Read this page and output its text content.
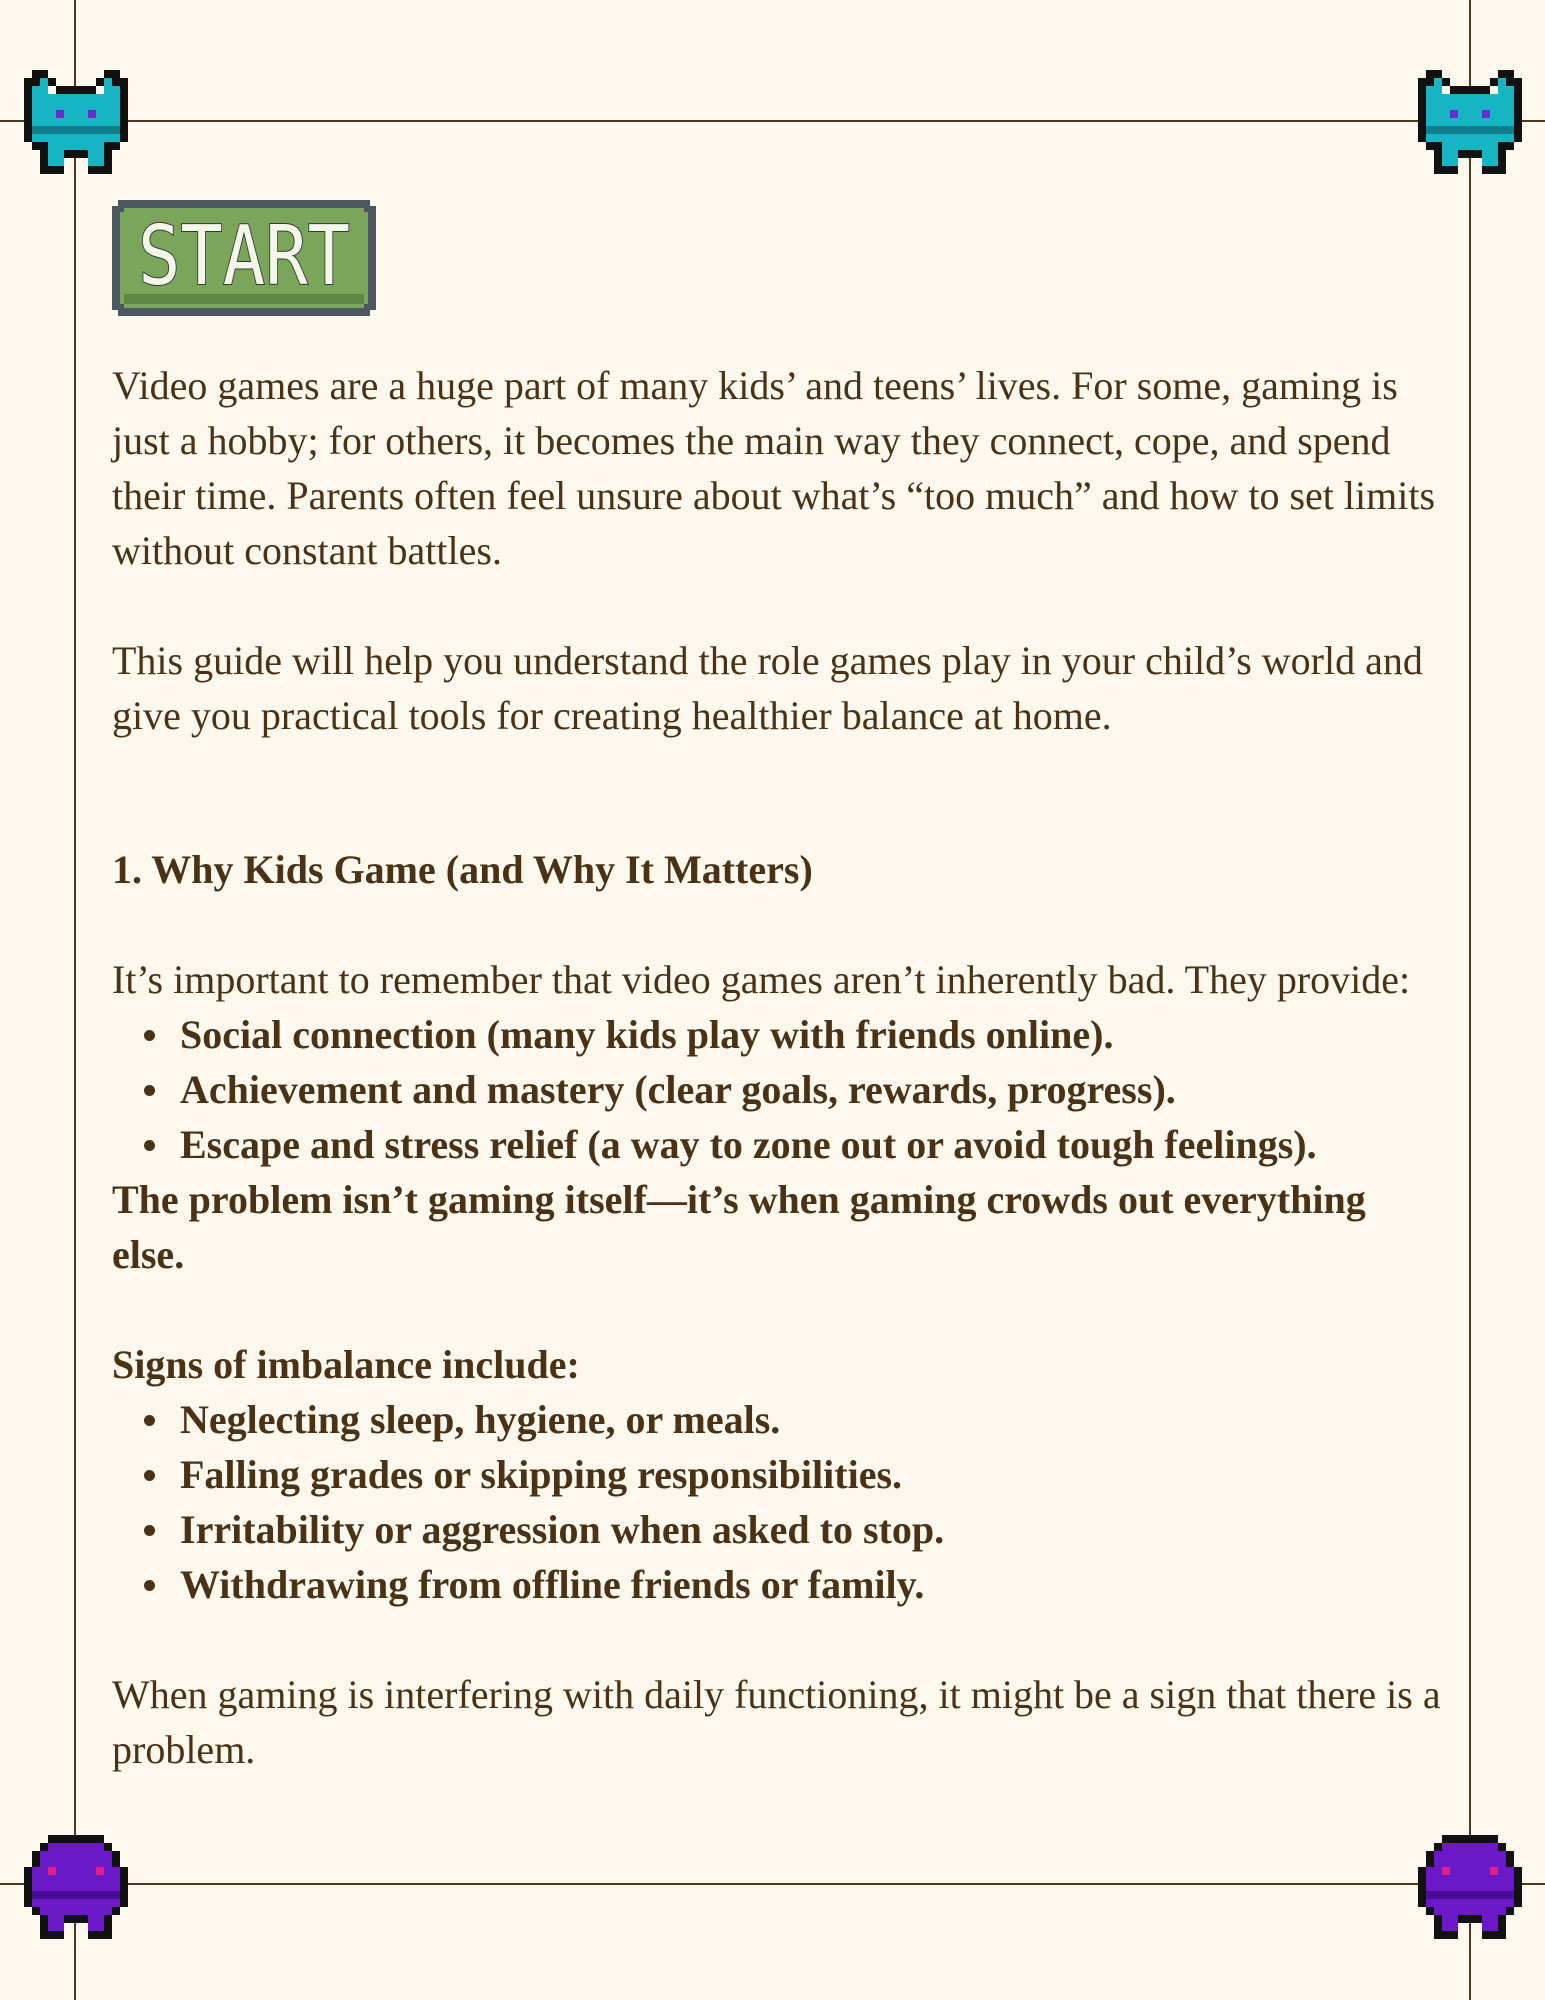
START

Video games are a huge part of many kids’ and teens’ lives. For some, gaming is just a hobby; for others, it becomes the main way they connect, cope, and spend their time. Parents often feel unsure about what’s “too much” and how to set limits without constant battles.

This guide will help you understand the role games play in your child’s world and give you practical tools for creating healthier balance at home.

1. Why Kids Game (and Why It Matters)

It’s important to remember that video games aren’t inherently bad. They provide:

Social connection (many kids play with friends online).
Achievement and mastery (clear goals, rewards, progress).
Escape and stress relief (a way to zone out or avoid tough feelings).

The problem isn’t gaming itself—it’s when gaming crowds out everything else.

Signs of imbalance include:

Neglecting sleep, hygiene, or meals.
Falling grades or skipping responsibilities.
Irritability or aggression when asked to stop.
Withdrawing from offline friends or family.

When gaming is interfering with daily functioning, it might be a sign that there is a problem.
